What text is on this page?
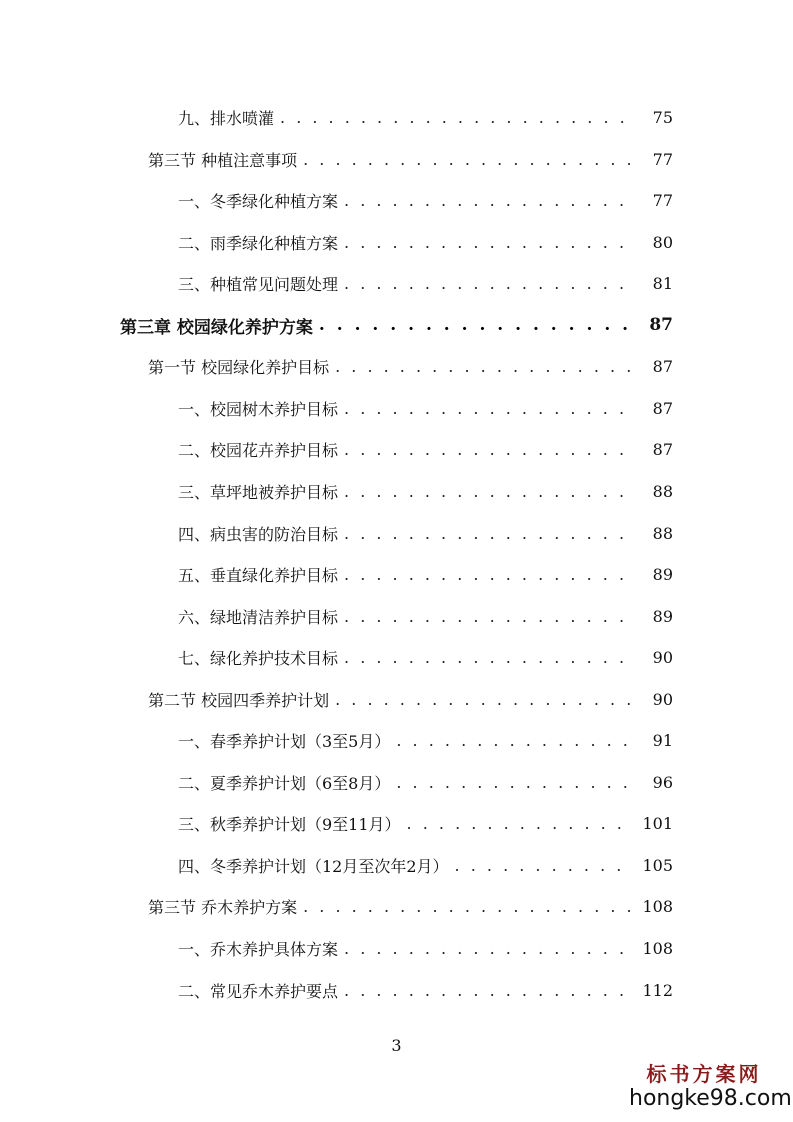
九、排水喷灌 . . .	75
第三节 种植注意事项 . . .	77
一、冬季绿化种植方案 . . .	77
二、雨季绿化种植方案 . . .	80
三、种植常见问题处理 . . .	81
第三章 校园绿化养护方案 . . .	87
第一节 校园绿化养护目标 . . .	87
一、校园树木养护目标 . . .	87
二、校园花卉养护目标 . . .	87
三、草坪地被养护目标 . . .	88
四、病虫害的防治目标 . . .	88
五、垂直绿化养护目标 . . .	89
六、绿地清洁养护目标 . . .	89
七、绿化养护技术目标 . . .	90
第二节 校园四季养护计划 . . .	90
一、春季养护计划（3至5月） . . .	91
二、夏季养护计划（6至8月） . . .	96
三、秋季养护计划（9至11月） . . .	101
四、冬季养护计划（12月至次年2月） . . .	105
第三节 乔木养护方案 . . .	108
一、乔木养护具体方案 . . .	108
二、常见乔木养护要点 . . .	112
3
标书方案网
hongke98.com
